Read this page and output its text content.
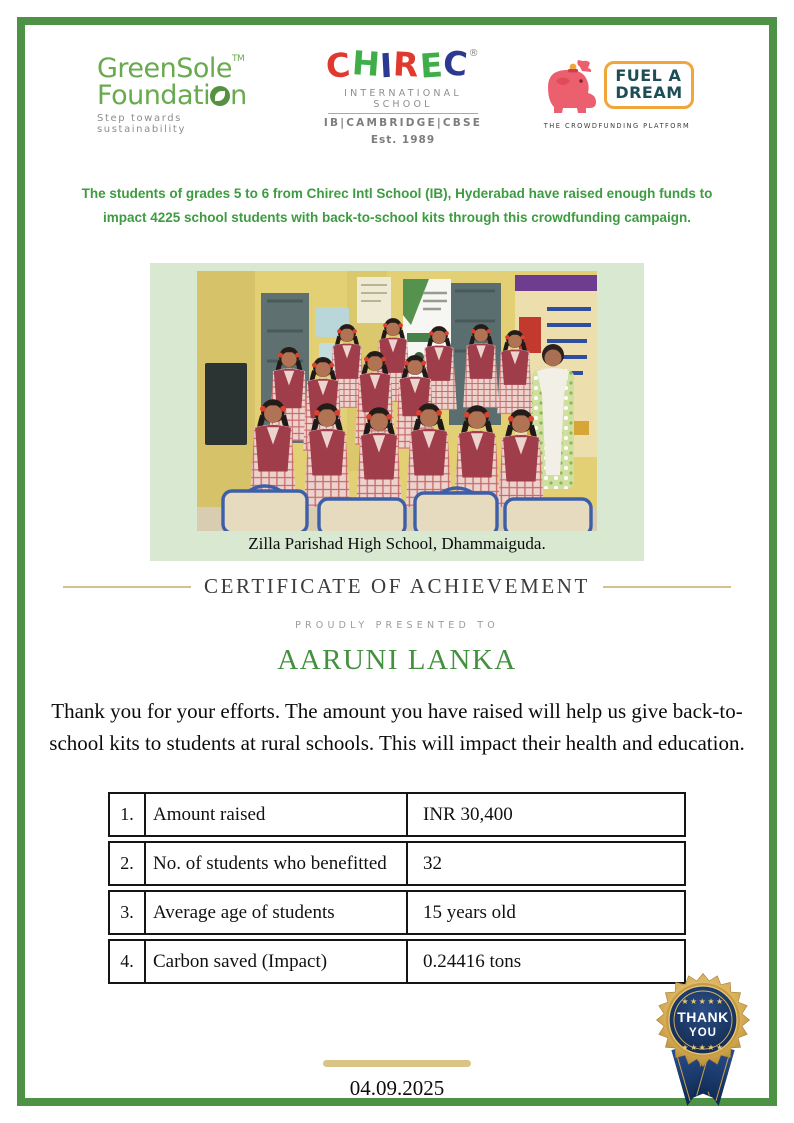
GreenSole™
Foundati n
Step towards sustainability
CHIREC®
INTERNATIONAL SCHOOL
IB|CAMBRIDGE|CBSE
Est. 1989
FUEL A
DREAM
THE CROWDFUNDING PLATFORM
The students of grades 5 to 6 from Chirec Intl School (IB), Hyderabad have raised enough funds to
impact 4225 school students with back-to-school kits through this crowdfunding campaign.
Zilla Parishad High School, Dhammaiguda.
CERTIFICATE OF ACHIEVEMENT
PROUDLY PRESENTED TO
AARUNI LANKA
Thank you for your efforts. The amount you have raised will help us give back-to-
school kits to students at rural schools. This will impact their health and education.
1.	Amount raised	INR 30,400
2.	No. of students who benefitted	32
3.	Average age of students	15 years old
4.	Carbon saved (Impact)	0.24416 tons
04.09.2025
★★★★★
THANK
YOU
★★★★★
